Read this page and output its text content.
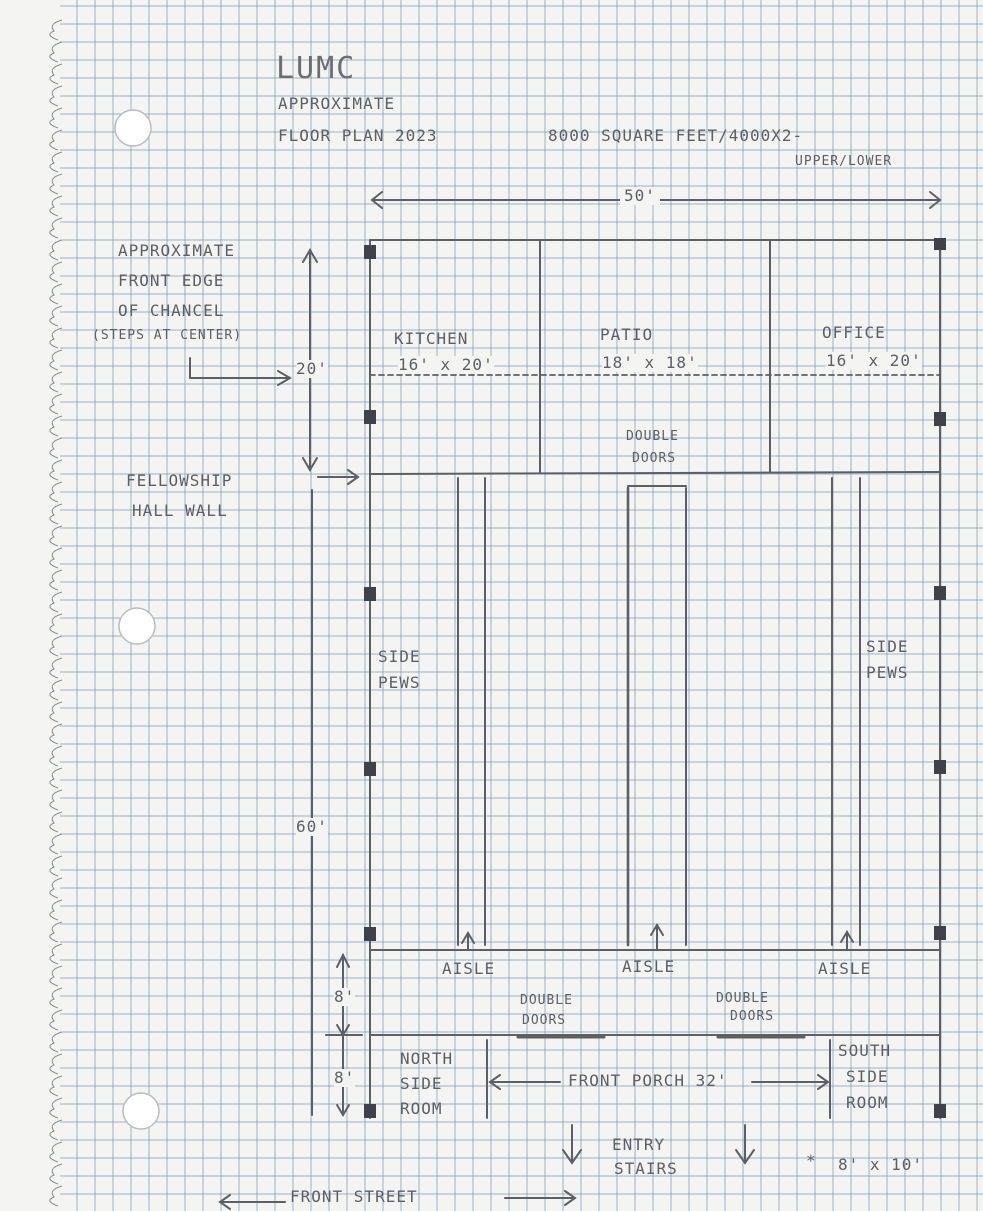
LUMC
APPROXIMATE
FLOOR PLAN 2023	8000 SQUARE FEET/4000X2-
UPPER/LOWER
50'
20'
60'
8'
8'
APPROXIMATE
FRONT EDGE
OF CHANCEL
(STEPS AT CENTER)
FELLOWSHIP
HALL WALL
KITCHEN
16' x 20'
PATIO
18' x 18'
OFFICE
16' x 20'
DOUBLE
DOORS
SIDE
PEWS
SIDE
PEWS
AISLE	AISLE	AISLE
DOUBLE
DOORS
DOUBLE
DOORS
NORTH
SIDE
ROOM
SOUTH
SIDE
ROOM
8' x 10'
*
FRONT PORCH 32'
ENTRY
STAIRS
FRONT STREET
